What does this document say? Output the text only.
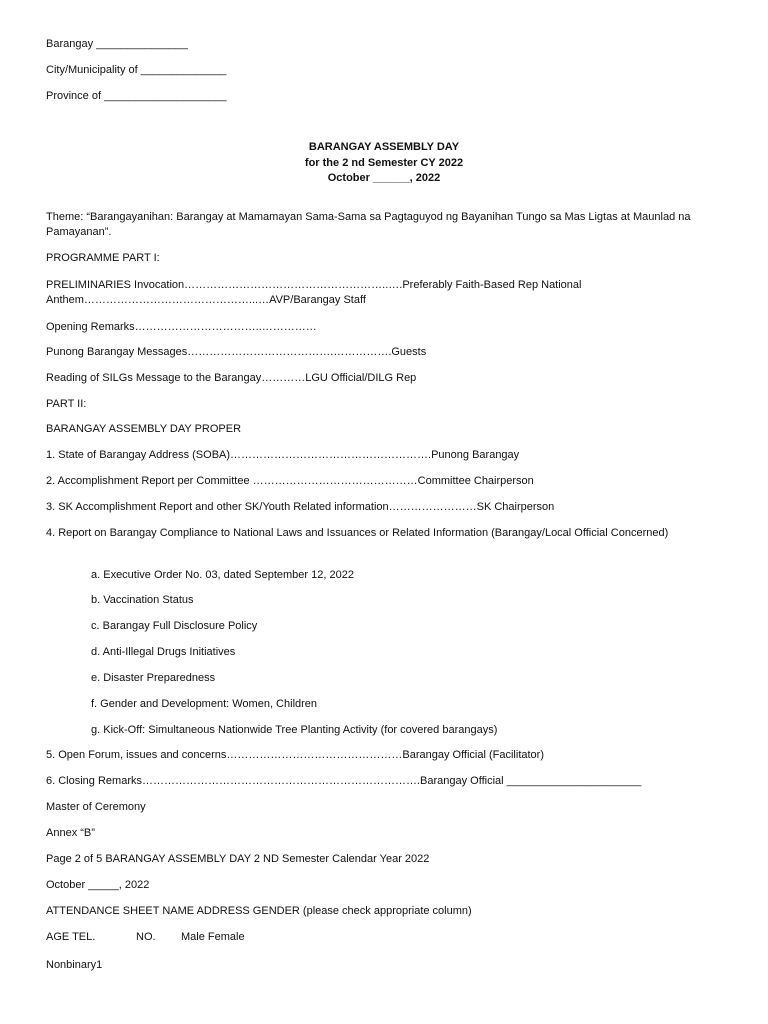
Barangay _______________
City/Municipality of ______________
Province of ____________________
BARANGAY ASSEMBLY DAY
for the 2 nd Semester CY 2022
October ______, 2022
Theme: “Barangayanihan: Barangay at Mamamayan Sama-Sama sa Pagtaguyod ng Bayanihan Tungo sa Mas Ligtas at Maunlad na Pamayanan”.
PROGRAMME PART I:
PRELIMINARIES Invocation………………………………………………..….Preferably Faith-Based Rep National Anthem………………………………………...…AVP/Barangay Staff
Opening Remarks……………………………..……………
Punong Barangay Messages………………………………….…………….Guests
Reading of SILGs Message to the Barangay…………LGU Official/DILG Rep
PART II:
BARANGAY ASSEMBLY DAY PROPER
1. State of Barangay Address (SOBA)……………………………………………….Punong Barangay
2. Accomplishment Report per Committee ………………………………………Committee Chairperson
3. SK Accomplishment Report and other SK/Youth Related information……………………SK Chairperson
4. Report on Barangay Compliance to National Laws and Issuances or Related Information (Barangay/Local Official Concerned)
a. Executive Order No. 03, dated September 12, 2022
b. Vaccination Status
c. Barangay Full Disclosure Policy
d. Anti-Illegal Drugs Initiatives
e. Disaster Preparedness
f. Gender and Development: Women, Children
g. Kick-Off: Simultaneous Nationwide Tree Planting Activity (for covered barangays)
5. Open Forum, issues and concerns…………………………………………Barangay Official (Facilitator)
6. Closing Remarks………………………………………………………………….Barangay Official ______________________
Master of Ceremony
Annex “B”
Page 2 of 5 BARANGAY ASSEMBLY DAY 2 ND Semester Calendar Year 2022
October _____, 2022
ATTENDANCE SHEET NAME ADDRESS GENDER (please check appropriate column)
AGE TEL.	NO. Male Female
Nonbinary1
